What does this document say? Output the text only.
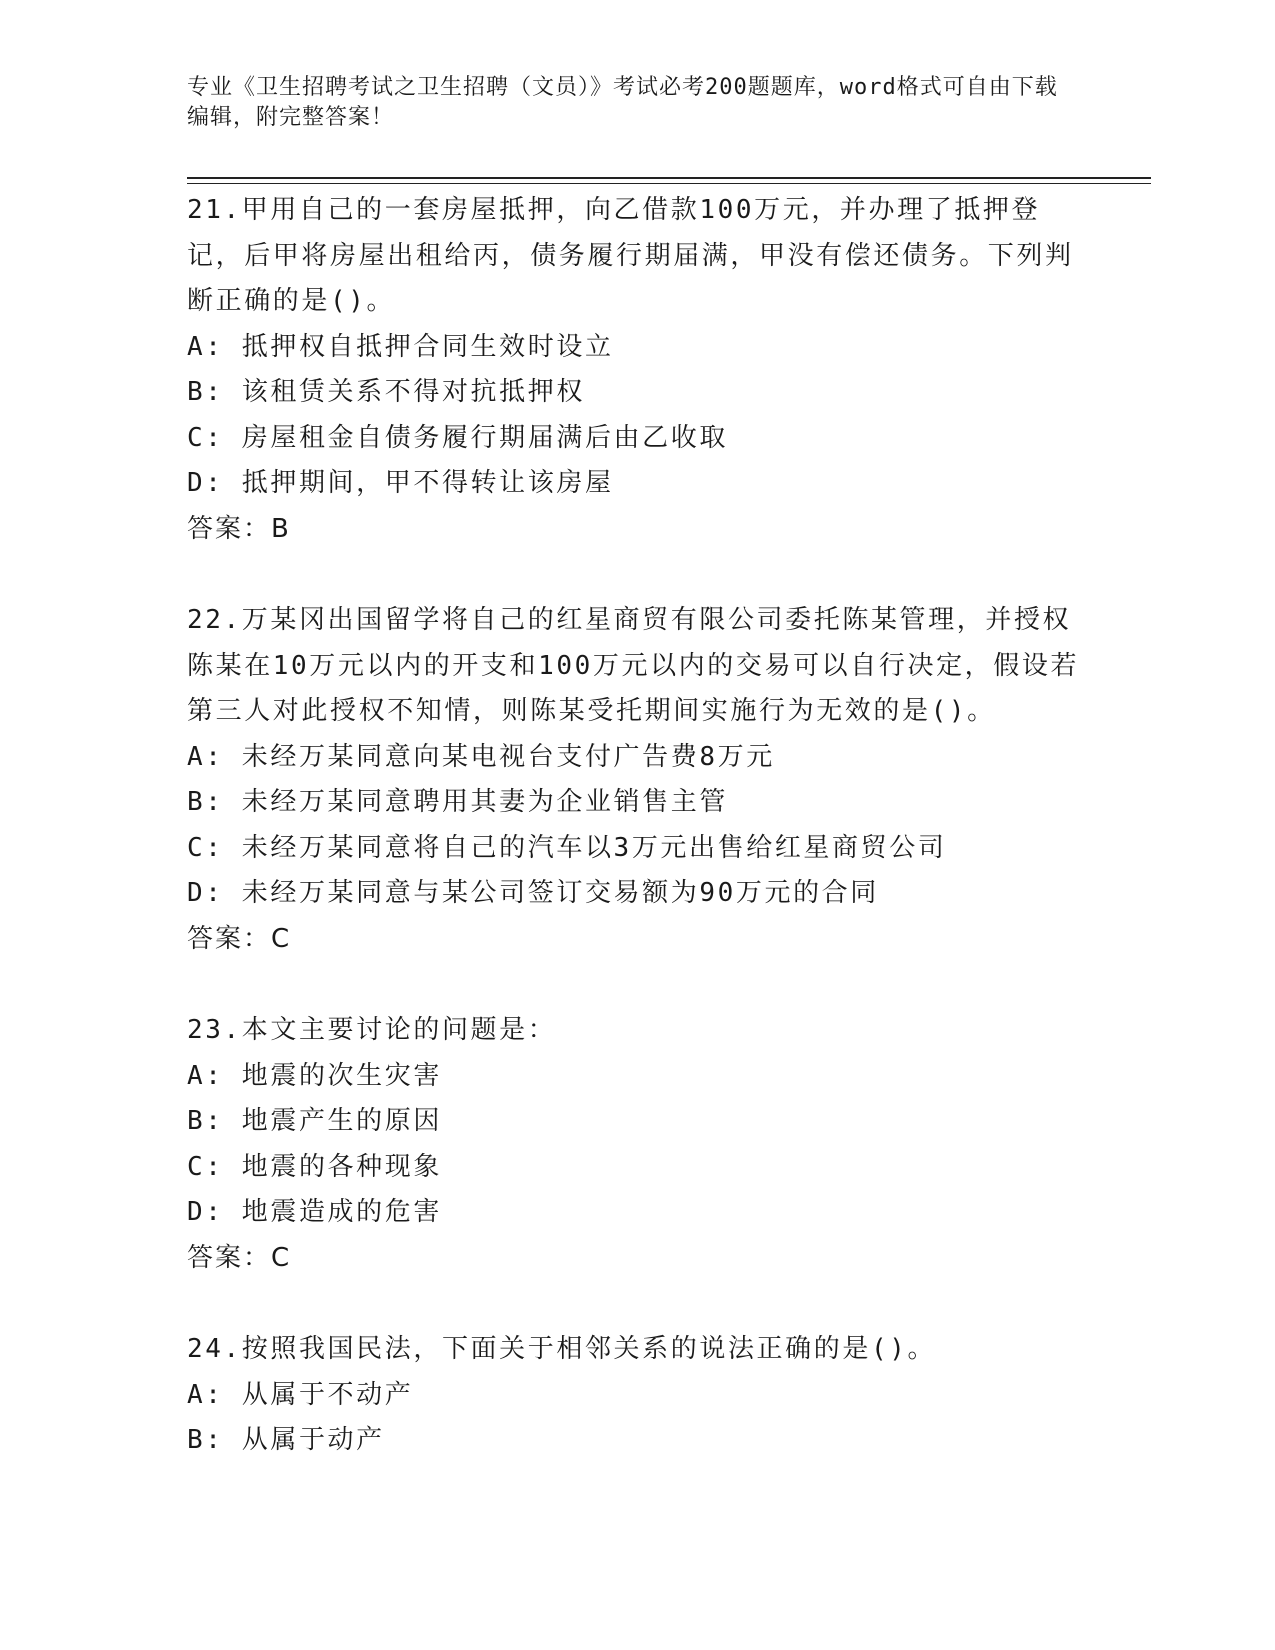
专业《卫生招聘考试之卫生招聘（文员）》考试必考200题题库，word格式可自由下载编辑，附完整答案！

21.甲用自己的一套房屋抵押，向乙借款100万元，并办理了抵押登记，后甲将房屋出租给丙，债务履行期届满，甲没有偿还债务。下列判断正确的是()。

A: 抵押权自抵押合同生效时设立

B: 该租赁关系不得对抗抵押权

C: 房屋租金自债务履行期届满后由乙收取

D: 抵押期间，甲不得转让该房屋

答案：B

22.万某冈出国留学将自己的红星商贸有限公司委托陈某管理，并授权陈某在10万元以内的开支和100万元以内的交易可以自行决定，假设若第三人对此授权不知情，则陈某受托期间实施行为无效的是()。

A: 未经万某同意向某电视台支付广告费8万元

B: 未经万某同意聘用其妻为企业销售主管

C: 未经万某同意将自己的汽车以3万元出售给红星商贸公司

D: 未经万某同意与某公司签订交易额为90万元的合同

答案：C

23.本文主要讨论的问题是：

A: 地震的次生灾害

B: 地震产生的原因

C: 地震的各种现象

D: 地震造成的危害

答案：C

24.按照我国民法，下面关于相邻关系的说法正确的是()。

A: 从属于不动产

B: 从属于动产
